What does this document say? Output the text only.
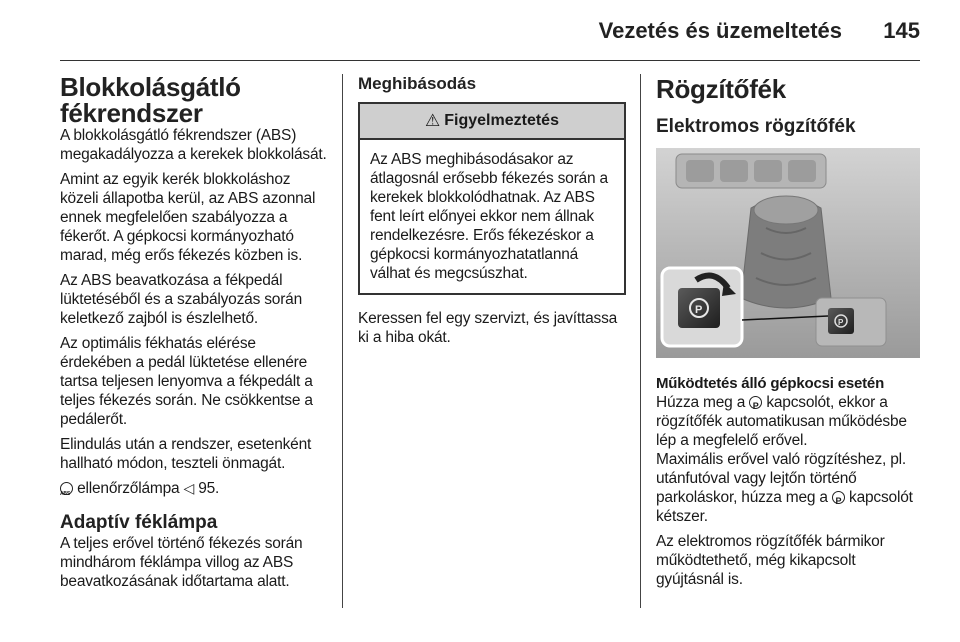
Vezetés és üzemeltetés 145
Blokkolásgátló
fékrendszer

A blokkolásgátló fékrendszer (ABS) megakadályozza a kerekek blokkolását.

Amint az egyik kerék blokkoláshoz közeli állapotba kerül, az ABS azonnal ennek megfelelően szabályozza a fékerőt. A gépkocsi kormányozható marad, még erős fékezés közben is.

Az ABS beavatkozása a fékpedál lüktetéséből és a szabályozás során keletkező zajból is észlelhető.

Az optimális fékhatás elérése érdekében a pedál lüktetése ellenére tartsa teljesen lenyomva a fékpedált a teljes fékezés során. Ne csökkentse a pedálerőt.

Elindulás után a rendszer, esetenként hallható módon, teszteli önmagát.

ABS ellenőrzőlámpa ◁ 95.

Adaptív féklámpa

A teljes erővel történő fékezés során mindhárom féklámpa villog az ABS beavatkozásának időtartama alatt.

Meghibásodás
⚠ Figyelmeztetés

Az ABS meghibásodásakor az átlagosnál erősebb fékezés során a kerekek blokkolódhatnak. Az ABS fent leírt előnyei ekkor nem állnak rendelkezésre. Erős fékezéskor a gépkocsi kormányozhatatlanná válhat és megcsúszhat.

Keressen fel egy szervizt, és javíttassa ki a hiba okát.

Rögzítőfék
Elektromos rögzítőfék
P
P

Működtetés álló gépkocsi esetén

Húzza meg a P kapcsolót, ekkor a rögzítőfék automatikusan működésbe lép a megfelelő erővel.

Maximális erővel való rögzítéshez, pl. utánfutóval vagy lejtőn történő parkoláskor, húzza meg a P kapcsolót kétszer.

Az elektromos rögzítőfék bármikor működtethető, még kikapcsolt gyújtásnál is.
